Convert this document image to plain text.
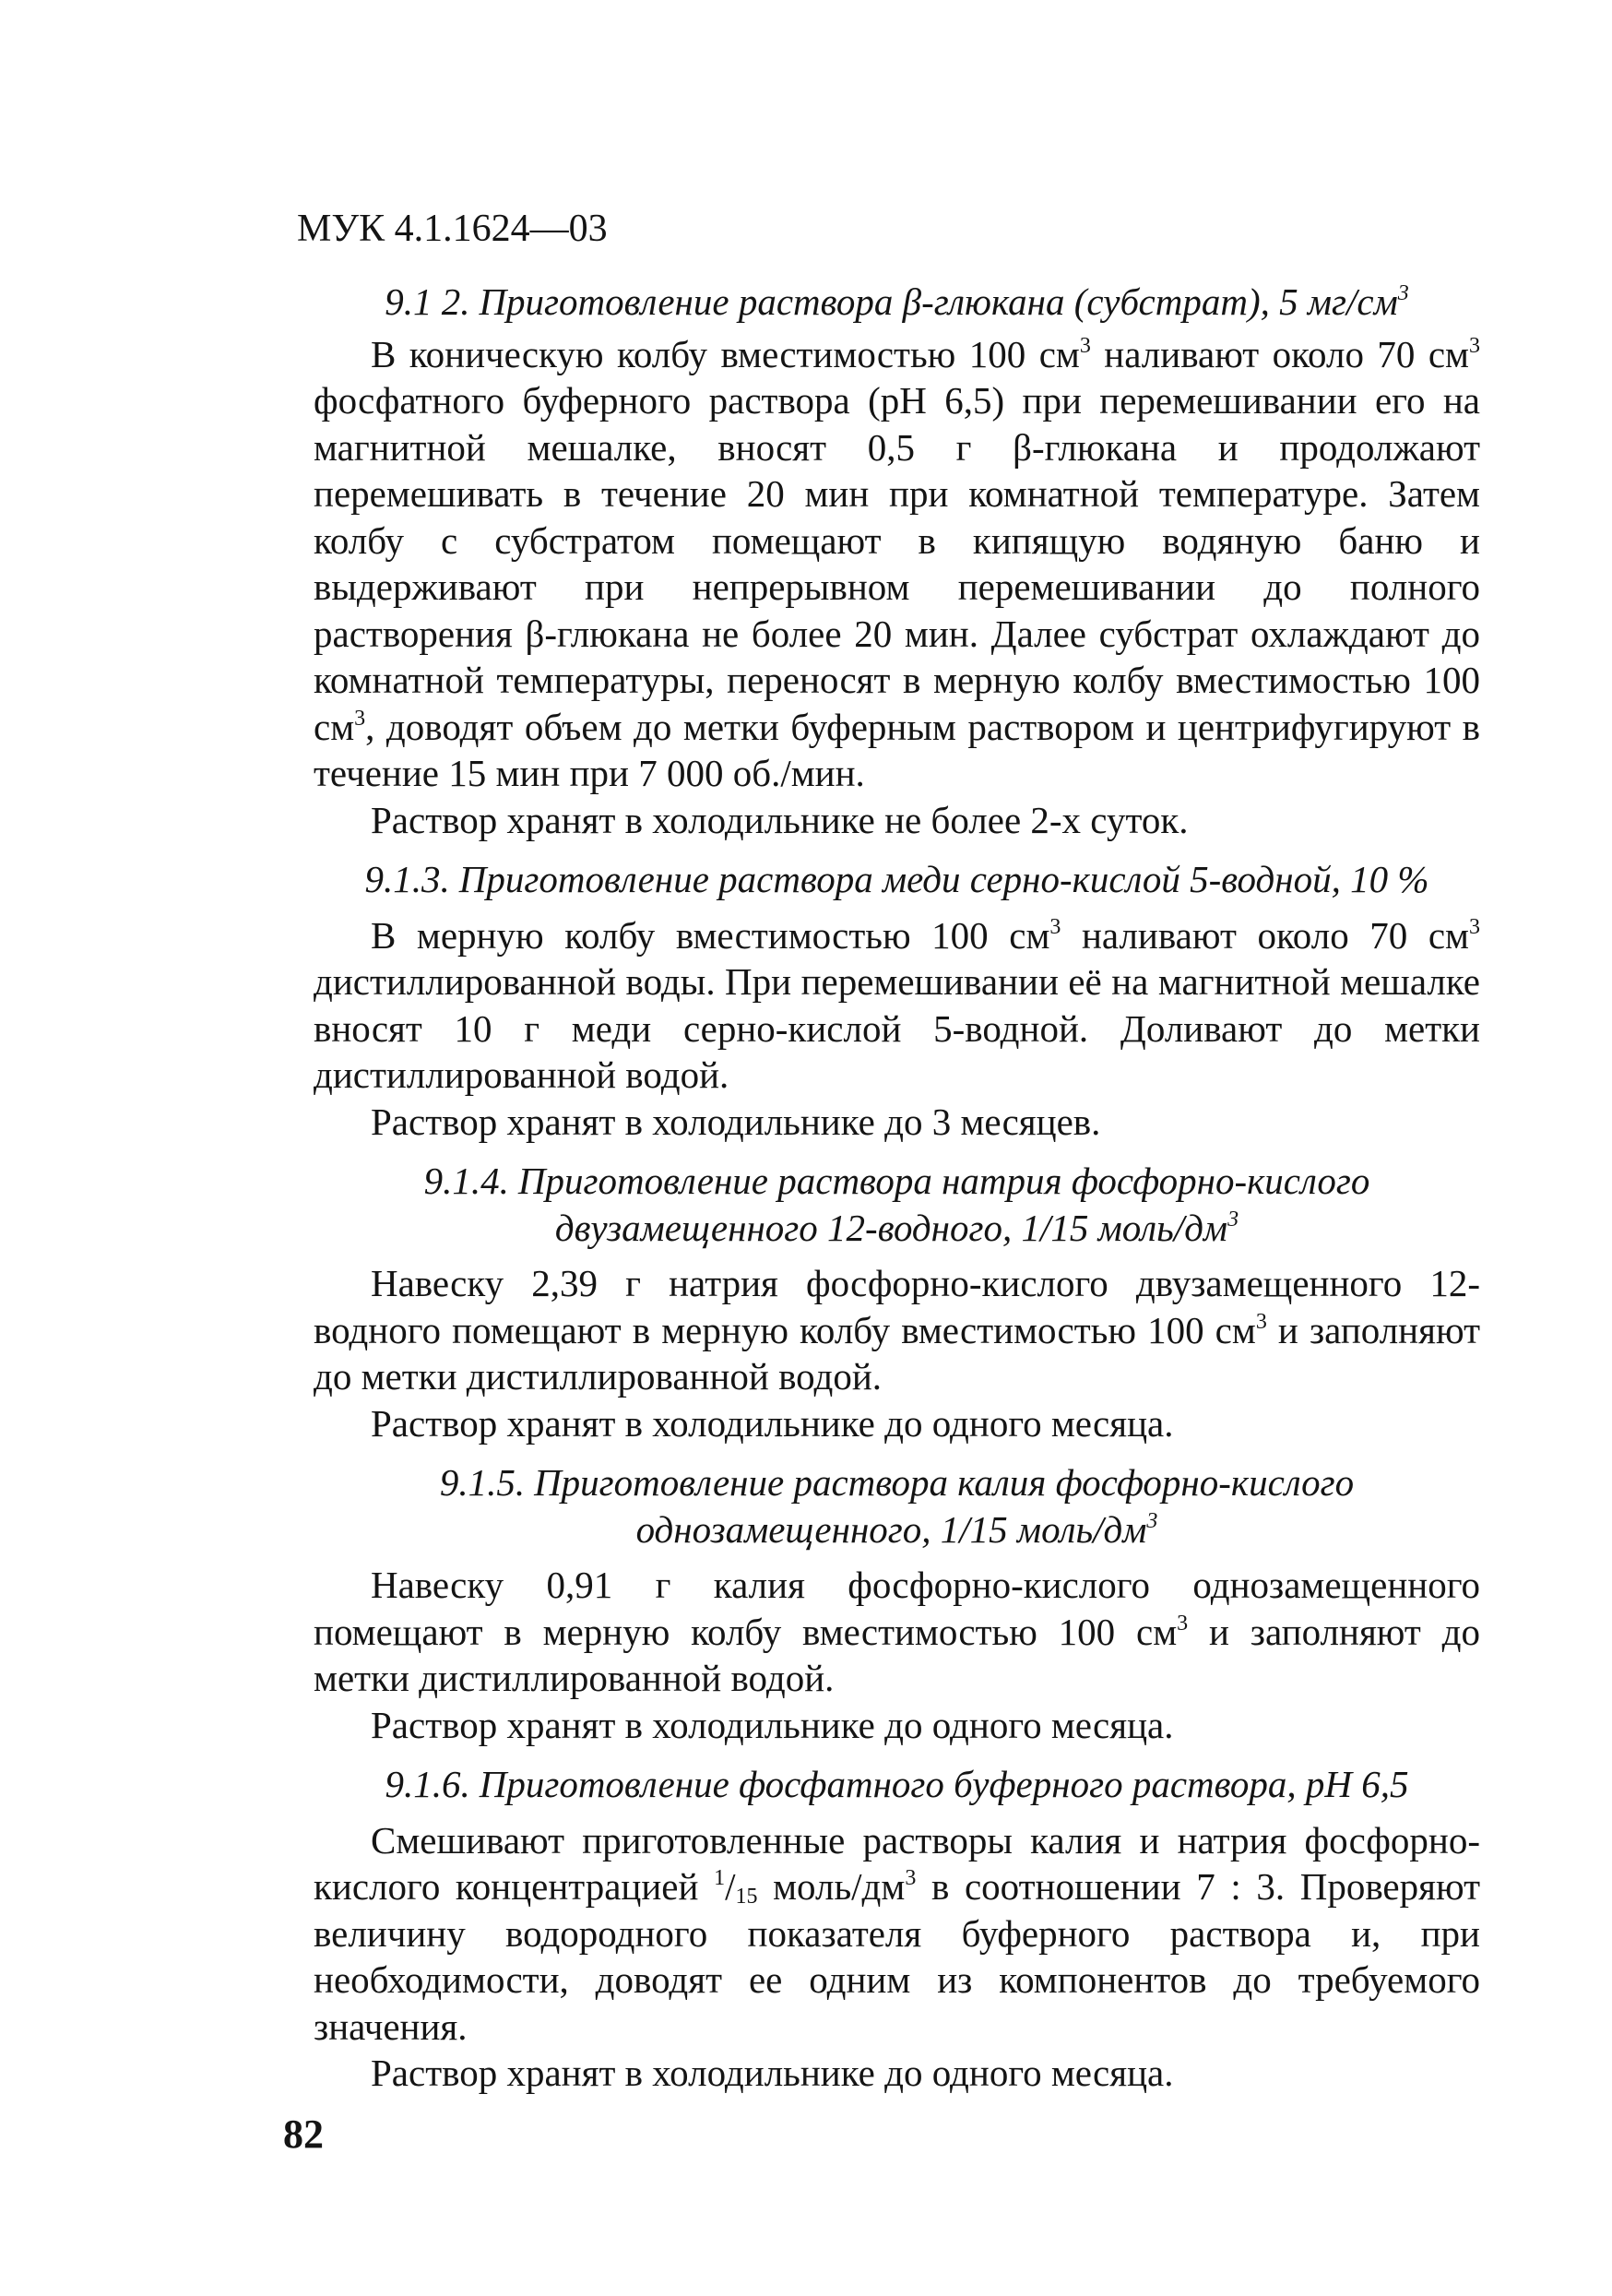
МУК 4.1.1624—03

9.1 2. Приготовление раствора β-глюкана (субстрат), 5 $мг/см^3$

В коническую колбу вместимостью 100 $см^3$ наливают около 70 $см^3$ фосфатного буферного раствора (pH 6,5) при перемешивании его на магнитной мешалке, вносят 0,5 г β-глюкана и продолжают перемешивать в течение 20 мин при комнатной температуре. Затем колбу с субстратом помещают в кипящую водяную баню и выдерживают при непрерывном перемешивании до полного растворения β-глюкана не более 20 мин. Далее субстрат охлаждают до комнатной температуры, переносят в мерную колбу вместимостью 100 $см^3$, доводят объем до метки буферным раствором и центрифугируют в течение 15 мин при 7 000 об./мин.

Раствор хранят в холодильнике не более 2-х суток.

9.1.3. Приготовление раствора меди серно-кислой 5-водной, 10 %

В мерную колбу вместимостью 100 $см^3$ наливают около 70 $см^3$ дистиллированной воды. При перемешивании её на магнитной мешалке вносят 10 г меди серно-кислой 5-водной. Доливают до метки дистиллированной водой.

Раствор хранят в холодильнике до 3 месяцев.

9.1.4. Приготовление раствора натрия фосфорно-кислого
двузамещенного 12-водного, 1/15 моль/$дм^3$

Навеску 2,39 г натрия фосфорно-кислого двузамещенного 12-водного помещают в мерную колбу вместимостью 100 $см^3$ и заполняют до метки дистиллированной водой.

Раствор хранят в холодильнике до одного месяца.

9.1.5. Приготовление раствора калия фосфорно-кислого
однозамещенного, 1/15 моль/$дм^3$

Навеску 0,91 г калия фосфорно-кислого однозамещенного помещают в мерную колбу вместимостью 100 $см^3$ и заполняют до метки дистиллированной водой.

Раствор хранят в холодильнике до одного месяца.

9.1.6. Приготовление фосфатного буферного раствора, pH 6,5

Смешивают приготовленные растворы калия и натрия фосфорно-кислого концентрацией $^1/_{15}$ моль/$дм^3$ в соотношении 7 : 3. Проверяют величину водородного показателя буферного раствора и, при необходимости, доводят ее одним из компонентов до требуемого значения.

Раствор хранят в холодильнике до одного месяца.

82
